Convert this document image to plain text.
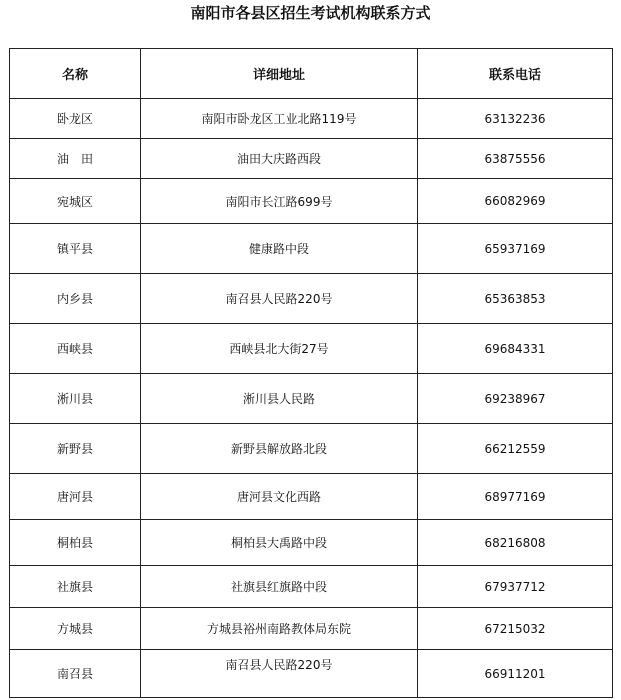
南阳市各县区招生考试机构联系方式
名称	详细地址	联系电话
卧龙区	南阳市卧龙区工业北路119号	63132236
油　田	油田大庆路西段	63875556
宛城区	南阳市长江路699号	66082969
镇平县	健康路中段	65937169
内乡县	南召县人民路220号	65363853
西峡县	西峡县北大街27号	69684331
淅川县	淅川县人民路	69238967
新野县	新野县解放路北段	66212559
唐河县	唐河县文化西路	68977169
桐柏县	桐柏县大禹路中段	68216808
社旗县	社旗县红旗路中段	67937712
方城县	方城县裕州南路教体局东院	67215032
南召县	南召县人民路220号	66911201
